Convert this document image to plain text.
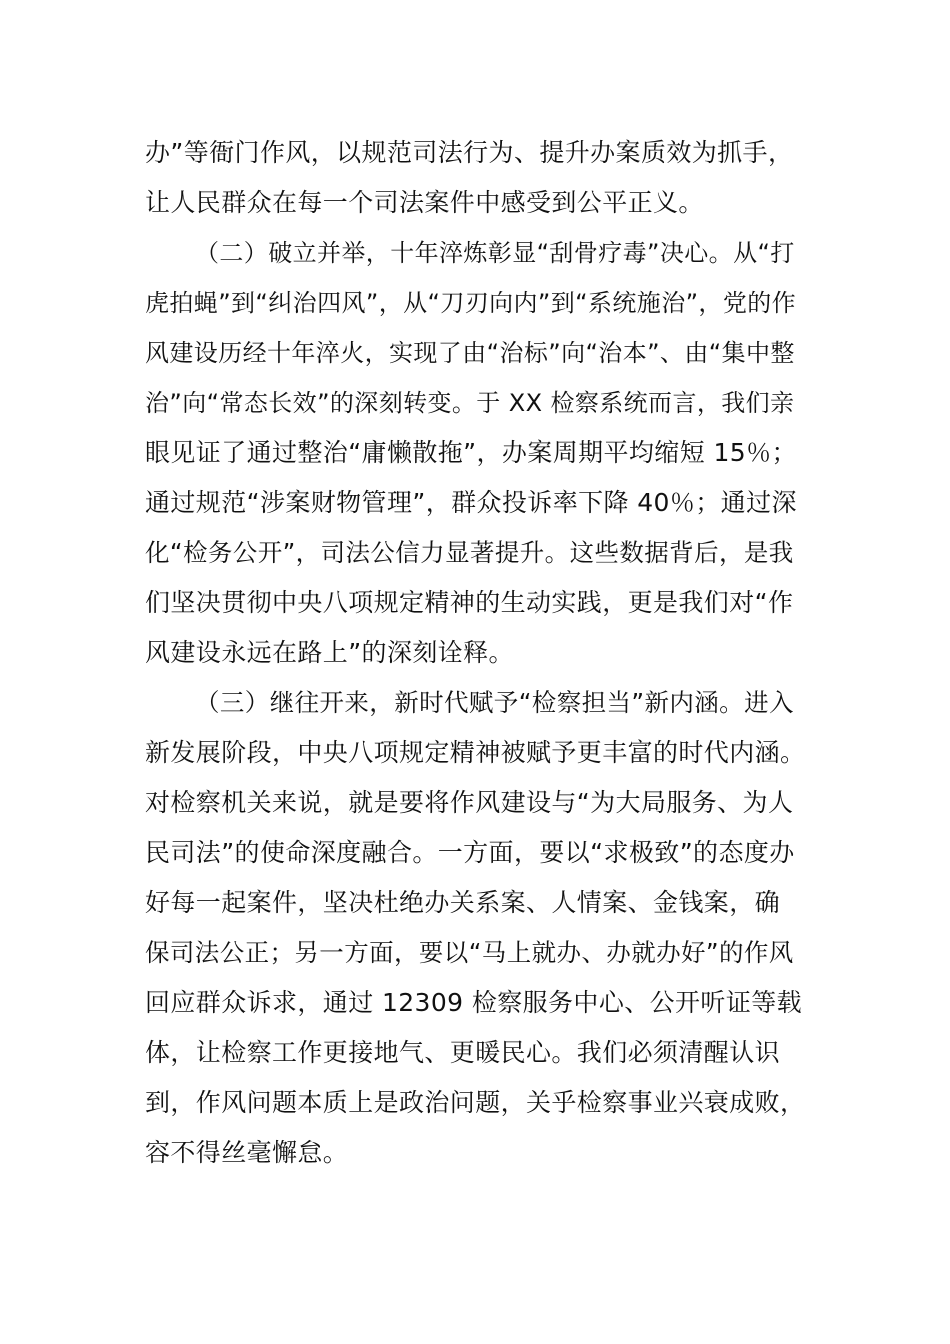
办”等衙门作风，以规范司法行为、提升办案质效为抓手，
让人民群众在每一个司法案件中感受到公平正义。
（二）破立并举，十年淬炼彰显“刮骨疗毒”决心。从“打
虎拍蝇”到“纠治四风”，从“刀刃向内”到“系统施治”，党的作
风建设历经十年淬火，实现了由“治标”向“治本”、由“集中整
治”向“常态长效”的深刻转变。于 XX 检察系统而言，我们亲
眼见证了通过整治“庸懒散拖”，办案周期平均缩短 15％；
通过规范“涉案财物管理”，群众投诉率下降 40％；通过深
化“检务公开”，司法公信力显著提升。这些数据背后，是我
们坚决贯彻中央八项规定精神的生动实践，更是我们对“作
风建设永远在路上”的深刻诠释。
（三）继往开来，新时代赋予“检察担当”新内涵。进入
新发展阶段，中央八项规定精神被赋予更丰富的时代内涵。
对检察机关来说，就是要将作风建设与“为大局服务、为人
民司法”的使命深度融合。一方面，要以“求极致”的态度办
好每一起案件，坚决杜绝办关系案、人情案、金钱案，确
保司法公正；另一方面，要以“马上就办、办就办好”的作风
回应群众诉求，通过 12309 检察服务中心、公开听证等载
体，让检察工作更接地气、更暖民心。我们必须清醒认识
到，作风问题本质上是政治问题，关乎检察事业兴衰成败，
容不得丝毫懈怠。
